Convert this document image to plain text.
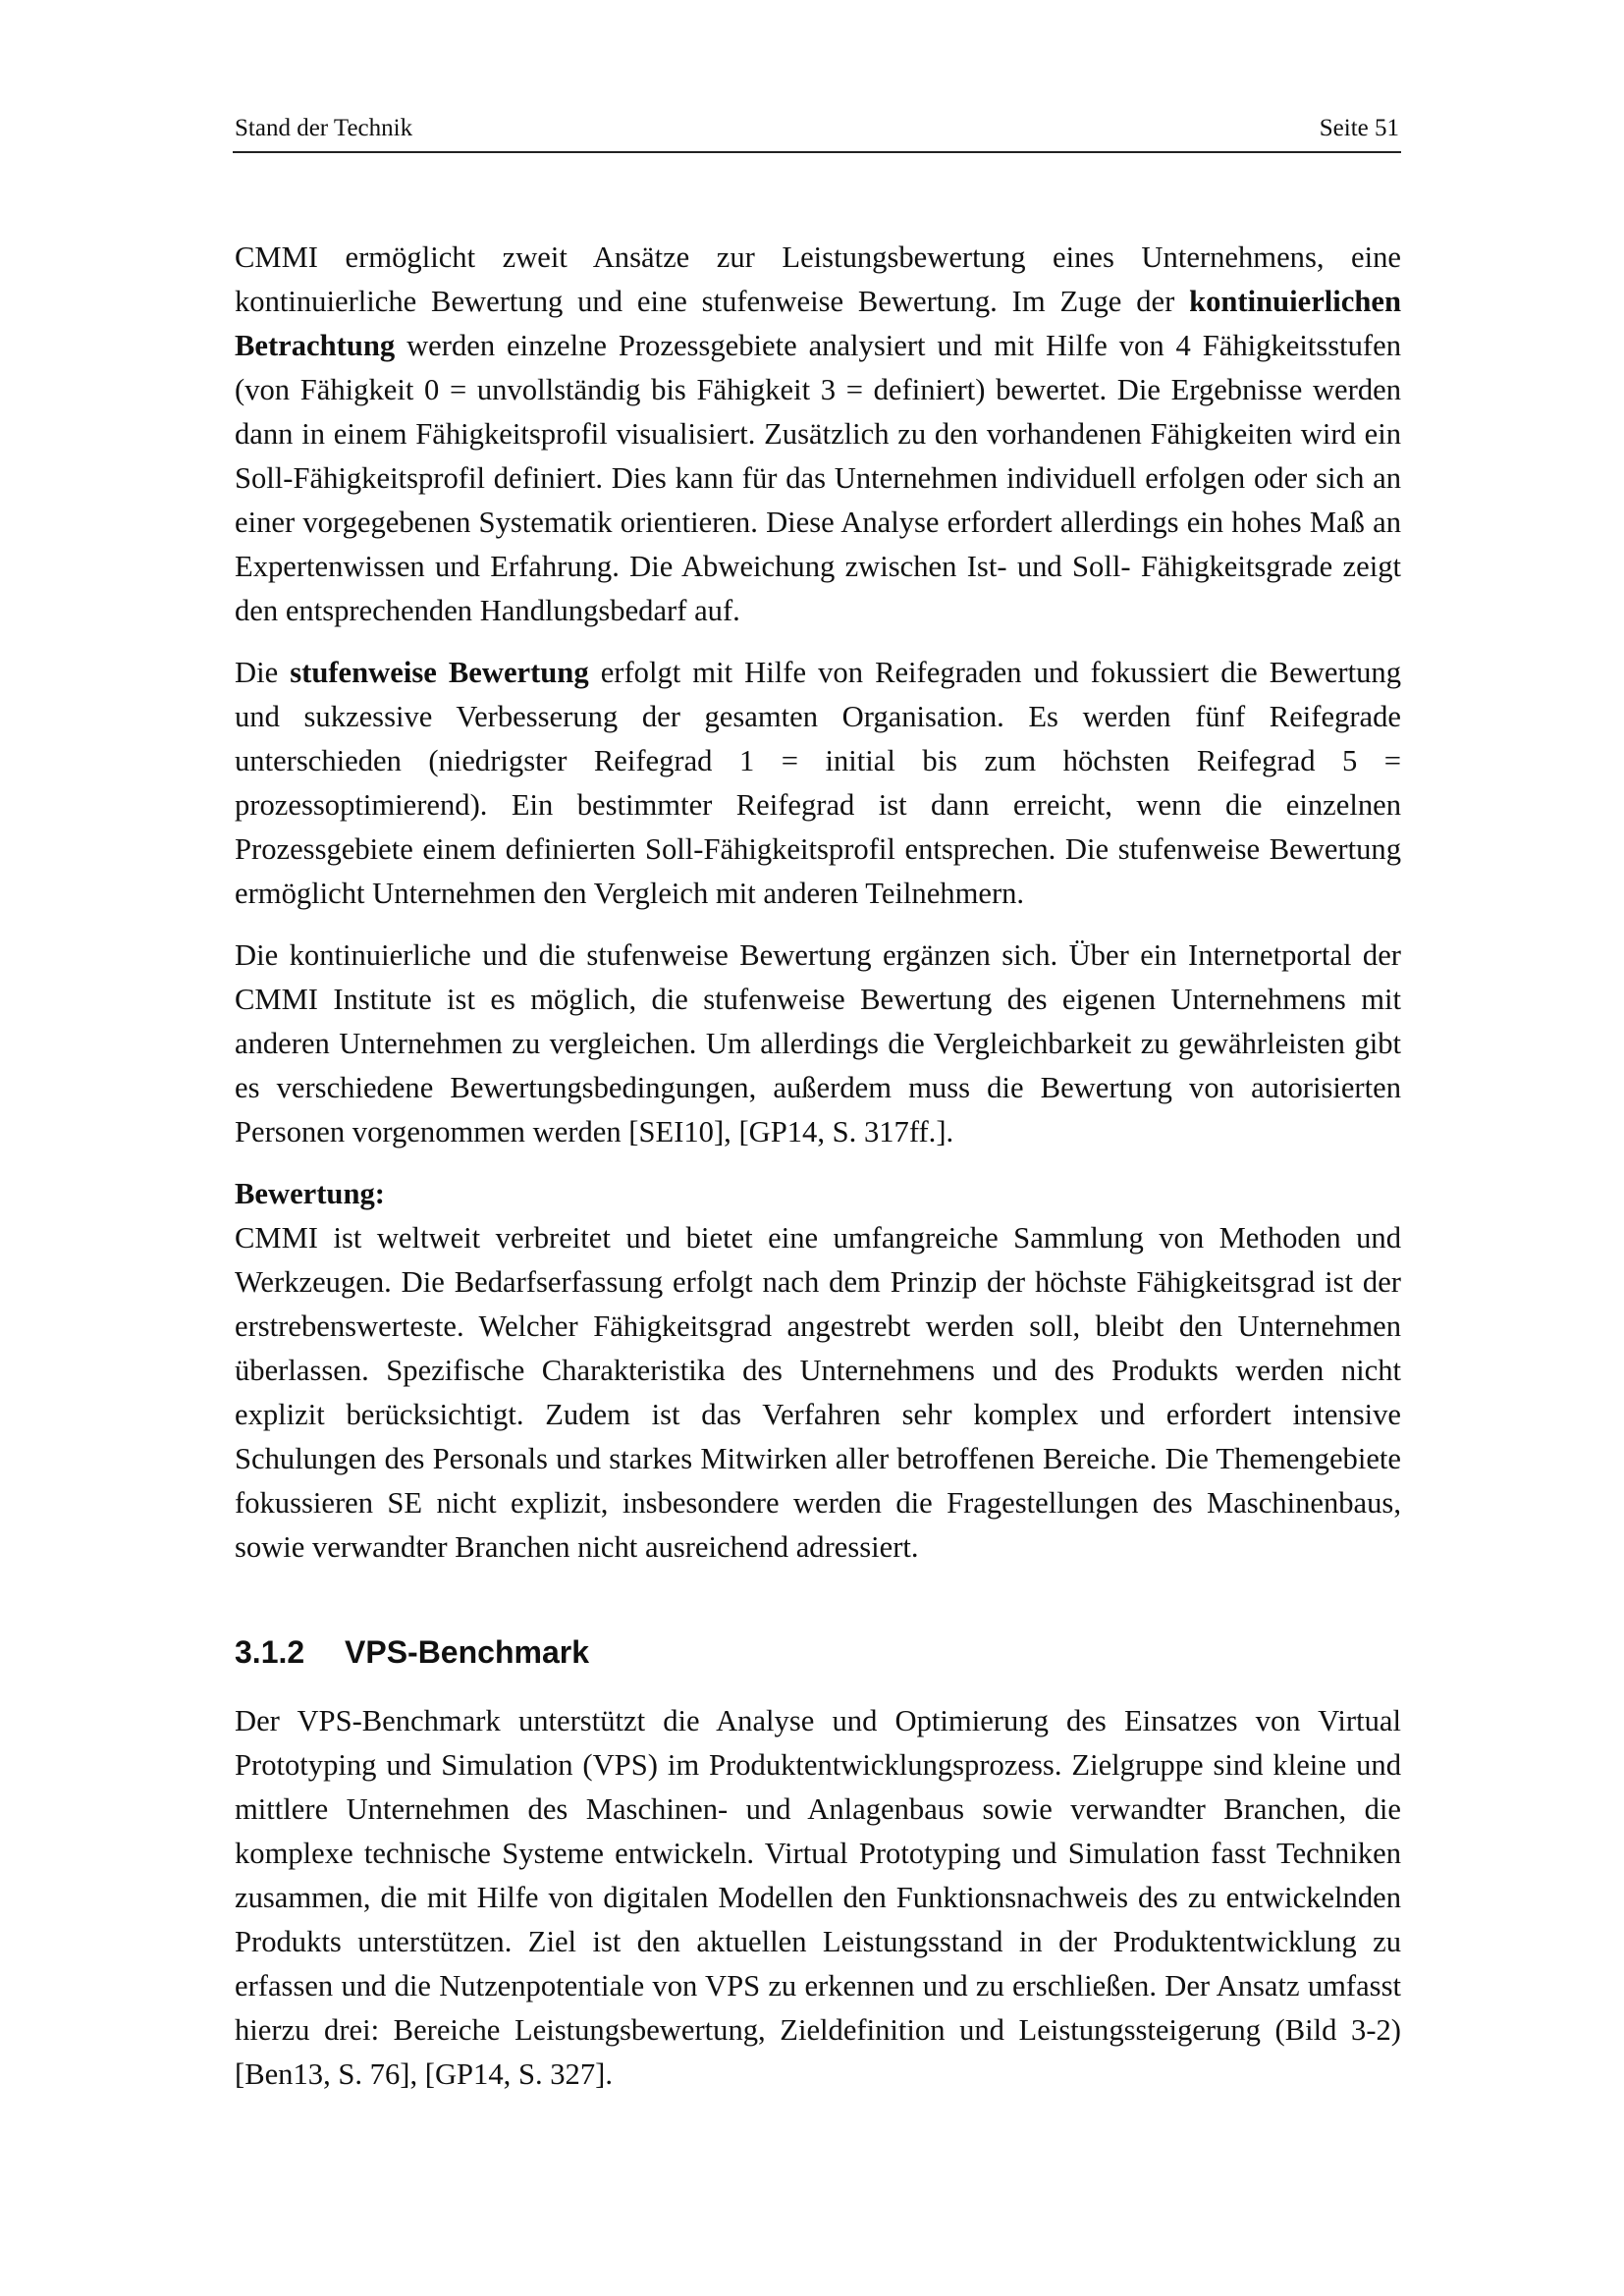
Stand der Technik	Seite 51

CMMI ermöglicht zweit Ansätze zur Leistungsbewertung eines Unternehmens, eine kontinuierliche Bewertung und eine stufenweise Bewertung. Im Zuge der kontinuierlichen Betrachtung werden einzelne Prozessgebiete analysiert und mit Hilfe von 4 Fähigkeitsstufen (von Fähigkeit 0 = unvollständig bis Fähigkeit 3 = definiert) bewertet. Die Ergebnisse werden dann in einem Fähigkeitsprofil visualisiert. Zusätzlich zu den vorhandenen Fähigkeiten wird ein Soll-Fähigkeitsprofil definiert. Dies kann für das Unternehmen individuell erfolgen oder sich an einer vorgegebenen Systematik orientieren. Diese Analyse erfordert allerdings ein hohes Maß an Expertenwissen und Erfahrung. Die Abweichung zwischen Ist- und Soll- Fähigkeitsgrade zeigt den entsprechenden Handlungsbedarf auf.

Die stufenweise Bewertung erfolgt mit Hilfe von Reifegraden und fokussiert die Bewertung und sukzessive Verbesserung der gesamten Organisation. Es werden fünf Reifegrade unterschieden (niedrigster Reifegrad 1 = initial bis zum höchsten Reifegrad 5 = prozessoptimierend). Ein bestimmter Reifegrad ist dann erreicht, wenn die einzelnen Prozessgebiete einem definierten Soll-Fähigkeitsprofil entsprechen. Die stufenweise Bewertung ermöglicht Unternehmen den Vergleich mit anderen Teilnehmern.

Die kontinuierliche und die stufenweise Bewertung ergänzen sich. Über ein Internetportal der CMMI Institute ist es möglich, die stufenweise Bewertung des eigenen Unternehmens mit anderen Unternehmen zu vergleichen. Um allerdings die Vergleichbarkeit zu gewährleisten gibt es verschiedene Bewertungsbedingungen, außerdem muss die Bewertung von autorisierten Personen vorgenommen werden [SEI10], [GP14, S. 317ff.].

Bewertung:

CMMI ist weltweit verbreitet und bietet eine umfangreiche Sammlung von Methoden und Werkzeugen. Die Bedarfserfassung erfolgt nach dem Prinzip der höchste Fähigkeitsgrad ist der erstrebenswerteste. Welcher Fähigkeitsgrad angestrebt werden soll, bleibt den Unternehmen überlassen. Spezifische Charakteristika des Unternehmens und des Produkts werden nicht explizit berücksichtigt. Zudem ist das Verfahren sehr komplex und erfordert intensive Schulungen des Personals und starkes Mitwirken aller betroffenen Bereiche. Die Themengebiete fokussieren SE nicht explizit, insbesondere werden die Fragestellungen des Maschinenbaus, sowie verwandter Branchen nicht ausreichend adressiert.

3.1.2 VPS-Benchmark

Der VPS-Benchmark unterstützt die Analyse und Optimierung des Einsatzes von Virtual Prototyping und Simulation (VPS) im Produktentwicklungsprozess. Zielgruppe sind kleine und mittlere Unternehmen des Maschinen- und Anlagenbaus sowie verwandter Branchen, die komplexe technische Systeme entwickeln. Virtual Prototyping und Simulation fasst Techniken zusammen, die mit Hilfe von digitalen Modellen den Funktionsnachweis des zu entwickelnden Produkts unterstützen. Ziel ist den aktuellen Leistungsstand in der Produktentwicklung zu erfassen und die Nutzenpotentiale von VPS zu erkennen und zu erschließen. Der Ansatz umfasst hierzu drei: Bereiche Leistungsbewertung, Zieldefinition und Leistungssteigerung (Bild 3-2) [Ben13, S. 76], [GP14, S. 327].
